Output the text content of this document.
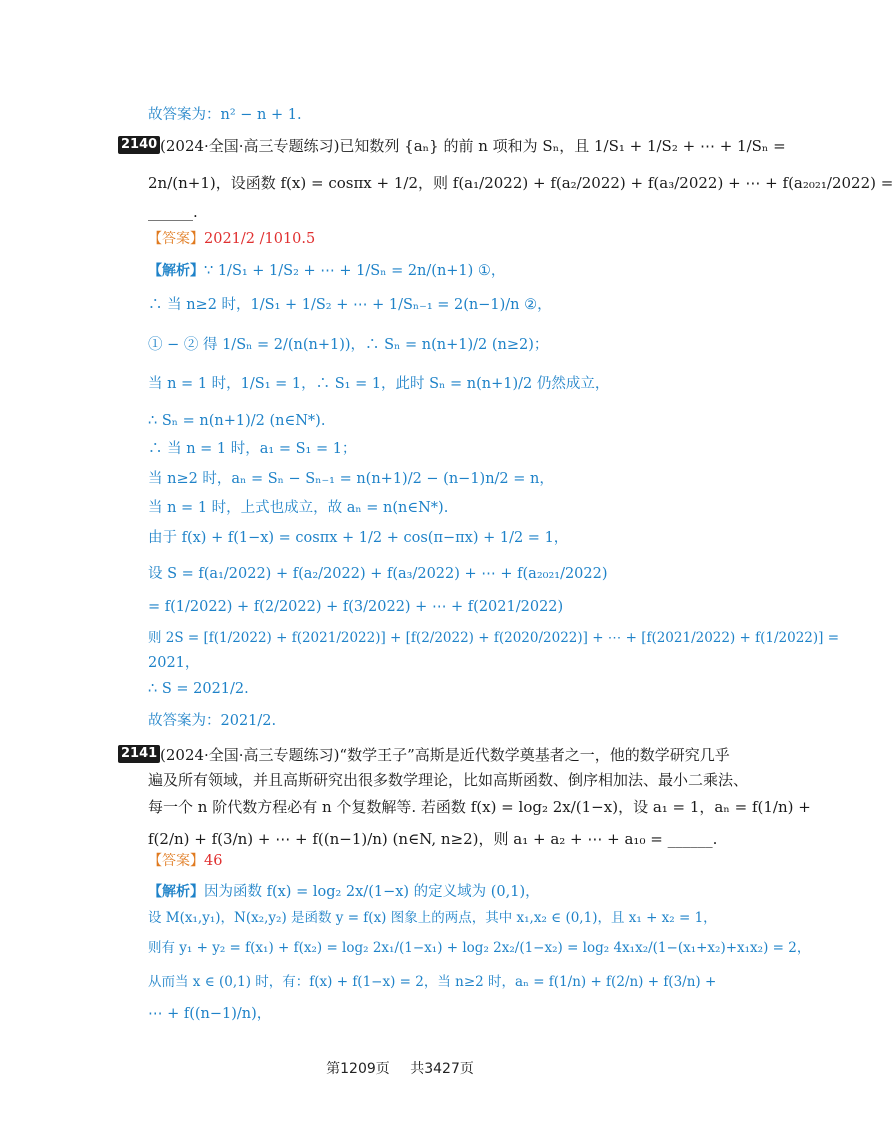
故答案为：n² − n + 1.
2140 (2024·全国·高三专题练习)已知数列 {aₙ} 的前 n 项和为 Sₙ，且 1/S₁ + 1/S₂ + ⋯ + 1/Sₙ =
2n/(n+1)，设函数 f(x) = cosπx + 1/2，则 f(a₁/2022) + f(a₂/2022) + f(a₃/2022) + ⋯ + f(a₂₀₂₁/2022) =
______.
【答案】2021/2 /1010.5
【解析】∵ 1/S₁ + 1/S₂ + ⋯ + 1/Sₙ = 2n/(n+1) ①，
∴ 当 n≥2 时，1/S₁ + 1/S₂ + ⋯ + 1/Sₙ₋₁ = 2(n−1)/n ②，
① − ② 得 1/Sₙ = 2/(n(n+1))，∴ Sₙ = n(n+1)/2 (n≥2)；
当 n = 1 时，1/S₁ = 1，∴ S₁ = 1，此时 Sₙ = n(n+1)/2 仍然成立，
∴ Sₙ = n(n+1)/2 (n∈N*).
∴ 当 n = 1 时，a₁ = S₁ = 1；
当 n≥2 时，aₙ = Sₙ − Sₙ₋₁ = n(n+1)/2 − (n−1)n/2 = n，
当 n = 1 时，上式也成立，故 aₙ = n(n∈N*).
由于 f(x) + f(1−x) = cosπx + 1/2 + cos(π−πx) + 1/2 = 1，
设 S = f(a₁/2022) + f(a₂/2022) + f(a₃/2022) + ⋯ + f(a₂₀₂₁/2022)
= f(1/2022) + f(2/2022) + f(3/2022) + ⋯ + f(2021/2022)
则 2S = [f(1/2022) + f(2021/2022)] + [f(2/2022) + f(2020/2022)] + ⋯ + [f(2021/2022) + f(1/2022)] =
2021，
∴ S = 2021/2.
故答案为：2021/2.
2141 (2024·全国·高三专题练习)“数学王子”高斯是近代数学奠基者之一，他的数学研究几乎
遍及所有领域，并且高斯研究出很多数学理论，比如高斯函数、倒序相加法、最小二乘法、
每一个 n 阶代数方程必有 n 个复数解等. 若函数 f(x) = log₂ 2x/(1−x)，设 a₁ = 1，aₙ = f(1/n) +
f(2/n) + f(3/n) + ⋯ + f((n−1)/n) (n∈N, n≥2)，则 a₁ + a₂ + ⋯ + a₁₀ = ______.
【答案】46
【解析】因为函数 f(x) = log₂ 2x/(1−x) 的定义域为 (0,1)，
设 M(x₁,y₁)，N(x₂,y₂) 是函数 y = f(x) 图象上的两点，其中 x₁,x₂ ∈ (0,1)，且 x₁ + x₂ = 1，
则有 y₁ + y₂ = f(x₁) + f(x₂) = log₂ 2x₁/(1−x₁) + log₂ 2x₂/(1−x₂) = log₂ 4x₁x₂/(1−(x₁+x₂)+x₁x₂) = 2，
从而当 x ∈ (0,1) 时，有：f(x) + f(1−x) = 2，当 n≥2 时，aₙ = f(1/n) + f(2/n) + f(3/n) +
⋯ + f((n−1)/n)，
第1209页 共3427页
